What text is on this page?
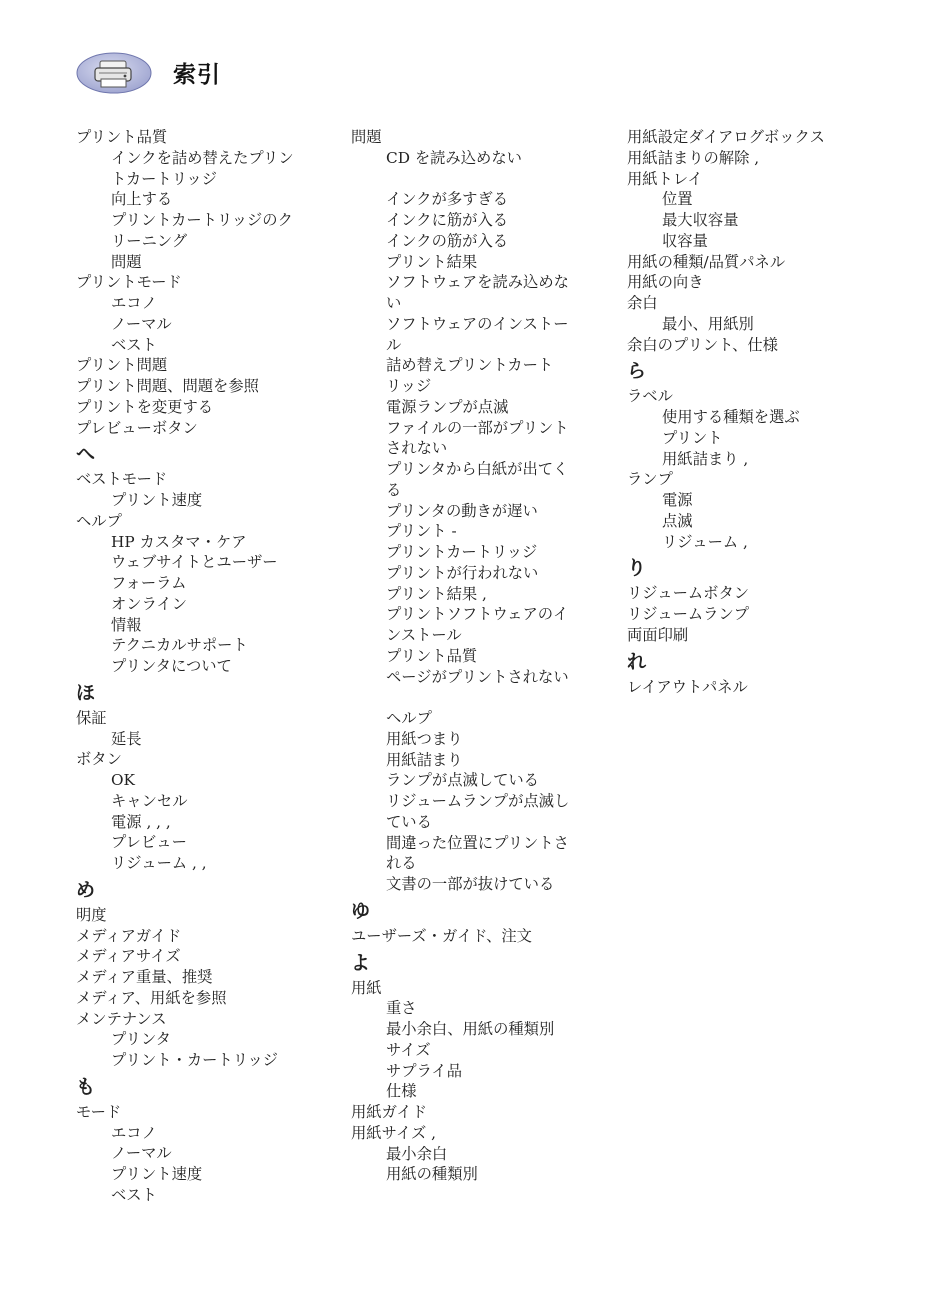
索引
プリント品質
インクを詰め替えたプリン
トカートリッジ
向上する
プリントカートリッジのク
リーニング
問題
プリントモード
エコノ
ノーマル
ベスト
プリント問題
プリント問題、問題を参照
プリントを変更する
プレビューボタン
へ
ベストモード
プリント速度
ヘルプ
HP カスタマ・ケア
ウェブサイトとユーザー
フォーラム
オンライン
情報
テクニカルサポート
プリンタについて
ほ
保証
延長
ボタン
OK
キャンセル
電源 , , ,
プレビュー
リジューム , ,
め
明度
メディアガイド
メディアサイズ
メディア重量、推奨
メディア、用紙を参照
メンテナンス
プリンタ
プリント・カートリッジ
も
モード
エコノ
ノーマル
プリント速度
ベスト
問題
CD を読み込めない
インクが多すぎる
インクに筋が入る
インクの筋が入る
プリント結果
ソフトウェアを読み込めな
い
ソフトウェアのインストー
ル
詰め替えプリントカート
リッジ
電源ランプが点滅
ファイルの一部がプリント
されない
プリンタから白紙が出てく
る
プリンタの動きが遅い
プリント -
プリントカートリッジ
プリントが行われない
プリント結果 ,
プリントソフトウェアのイ
ンストール
プリント品質
ページがプリントされない
ヘルプ
用紙つまり
用紙詰まり
ランプが点滅している
リジュームランプが点滅し
ている
間違った位置にプリントさ
れる
文書の一部が抜けている
ゆ
ユーザーズ・ガイド、注文
よ
用紙
重さ
最小余白、用紙の種類別
サイズ
サプライ品
仕様
用紙ガイド
用紙サイズ ,
最小余白
用紙の種類別
用紙設定ダイアログボックス
用紙詰まりの解除 ,
用紙トレイ
位置
最大収容量
収容量
用紙の種類/品質パネル
用紙の向き
余白
最小、用紙別
余白のプリント、仕様
ら
ラベル
使用する種類を選ぶ
プリント
用紙詰まり ,
ランプ
電源
点滅
リジューム ,
り
リジュームボタン
リジュームランプ
両面印刷
れ
レイアウトパネル
